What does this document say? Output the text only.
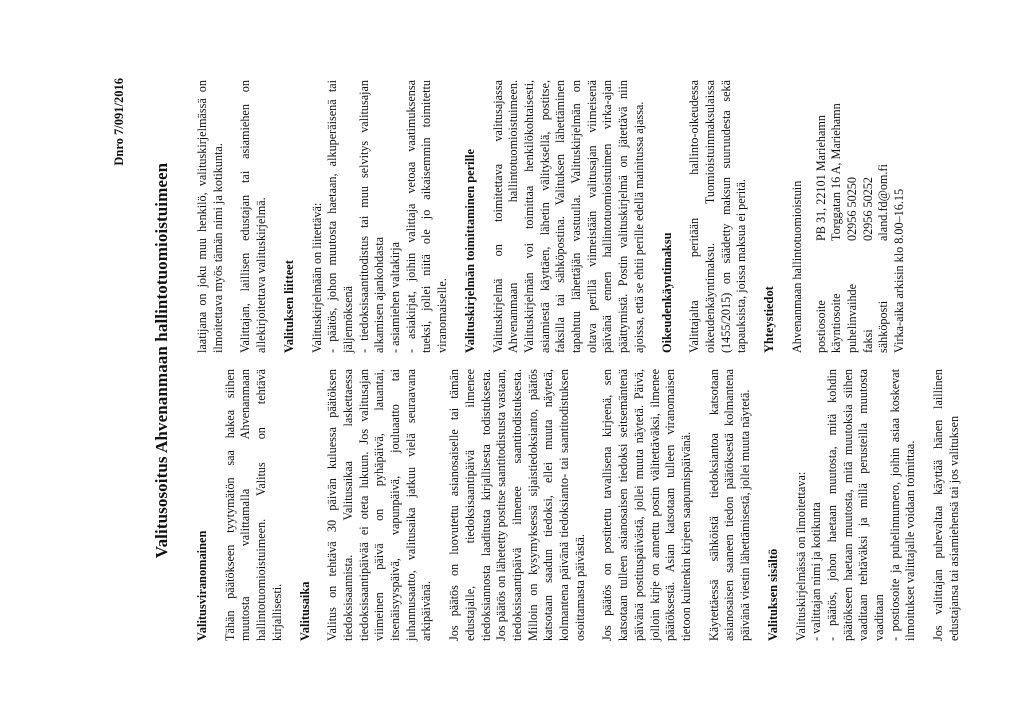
Dnro 7/091/2016
Valitusosoitus Ahvenanmaan hallintotuomioistuimeen
Valitusviranomainen Tähän päätökseen tyytymätön saa hakea siihen muutosta valittamalla Ahvenanmaan hallintotuomioistuimeen. Valitus on tehtävä kirjallisesti. Valitusaika Valitus on tehtävä 30 päivän kuluessa päätöksen tiedoksisaannista. Valitusaikaa laskettaessa tiedoksisaantipäivää ei oteta lukuun. Jos valitusajan viimeinen päivä on pyhäpäivä, lauantai, itsenäisyyspäivä, vapunpäivä, jouluaatto tai juhannusaatto, valitusaika jatkuu vielä seuraavana arkipäivänä. Jos päätös on luovutettu asianosaiselle tai tämän edustajalle, tiedoksisaantipäivä ilmenee tiedoksiannosta laaditusta kirjallisesta todistuksesta. Jos päätös on lähetetty postitse saantitodistusta vastaan, tiedoksisaantipäivä ilmenee saantitodistuksesta. Milloin on kysymyksessä sijaistiedoksianto, päätös katsotaan saadun tiedoksi, ellei muuta näytetä, kolmantena päivänä tiedoksianto- tai saantitodistuksen osoittamasta päivästä. Jos päätös on postitettu tavallisena kirjeenä, sen katsotaan tulleen asianosaisen tiedoksi seitsemäntenä päivänä postituspäivästä, jollei muuta näytetä. Päivä, jolloin kirje on annettu postin välitettäväksi, ilmenee päätöksestä. Asian katsotaan tulleen viranomaisen tietoon kuitenkin kirjeen saapumispäivänä. Käytettäessä sähköistä tiedoksiantoa katsotaan asianosaisen saaneen tiedon päätöksestä kolmantena päivänä viestin lähettämisestä, jollei muuta näytetä. Valituksen sisältö Valituskirjelmässä on ilmoitettava: - valittajan nimi ja kotikunta - päätös, johon haetaan muutosta, mitä kohdin päätökseen haetaan muutosta, mitä muutoksia siihen vaaditaan tehtäväksi ja millä perusteilla muutosta vaaditaan - postiosoite ja puhelinnumero, joihin asiaa koskevat ilmoitukset valittajalle voidaan toimittaa. Jos valittajan puhevaltaa käyttää hänen laillinen edustajansa tai asiamiehensä tai jos valituksen

laatijana on joku muu henkilö, valituskirjelmässä on ilmoitettava myös tämän nimi ja kotikunta. Valittajan, laillisen edustajan tai asiamiehen on allekirjoitettava valituskirjelmä. Valituksen liitteet Valituskirjelmään on liitettävä: - päätös, johon muutosta haetaan, alkuperäisenä tai jäljennöksenä - tiedoksisaantitodistus tai muu selvitys valitusajan alkamisen ajankohdasta - asiamiehen valtakirja - asiakirjat, joihin valittaja vetoaa vaatimuksensa tueksi, jollei niitä ole jo aikaisemmin toimitettu viranomaiselle. Valituskirjelmän toimittaminen perille Valituskirjelmä on toimitettava valitusajassa Ahvenanmaan hallintotuomioistuimeen. Valituskirjelmän voi toimittaa henkilökohtaisesti, asiamiestä käyttäen, lähetin välityksellä, postitse, faksilla tai sähköpostina. Valituksen lähettäminen tapahtuu lähettäjän vastuulla. Valituskirjelmän on oltava perillä viimeistään valitusajan viimeisenä päivänä ennen hallintotuomioistuimen virka-ajan päättymistä. Postin valituskirjelmä on jätettävä niin ajoissa, että se ehtii perille edellä mainitussa ajassa. Oikeudenkäyntimaksu Valittajalta peritään hallinto-oikeudessa oikeudenkäyntimaksu. Tuomioistuinmaksulaissa (1455/2015) on säädetty maksun suuruudesta sekä tapauksista, joissa maksua ei peritä. Yhteystiedot Ahvenanmaan hallintotuomioistuin postiosoite	PB 31, 22101 Mariehamn
käyntiosoite	Torggatan 16 A, Mariehamn
puhelinvaihde	02956 50250
faksi	02956 50252
sähköposti	aland.fd@om.fi
Virka-aika arkisin klo 8.00–16.15	
